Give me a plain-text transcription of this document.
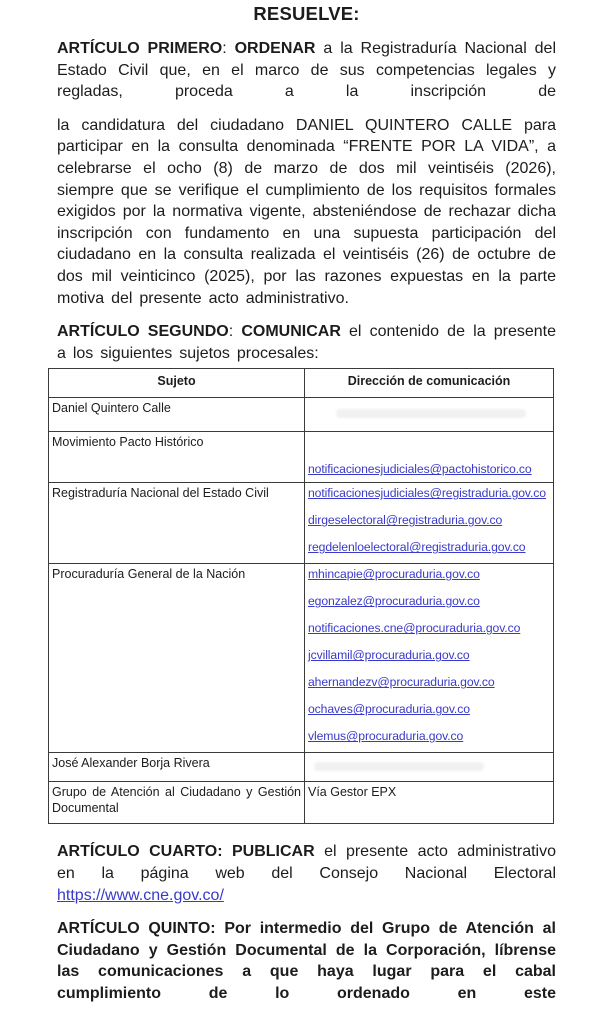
RESUELVE:

ARTÍCULO PRIMERO: ORDENAR a la Registraduría Nacional del Estado Civil que, en el marco de sus competencias legales y regladas, proceda a la inscripción de

la candidatura del ciudadano DANIEL QUINTERO CALLE para participar en la consulta denominada “FRENTE POR LA VIDA”, a celebrarse el ocho (8) de marzo de dos mil veintiséis (2026), siempre que se verifique el cumplimiento de los requisitos formales exigidos por la normativa vigente, absteniéndose de rechazar dicha inscripción con fundamento en una supuesta participación del ciudadano en la consulta realizada el veintiséis (26) de octubre de dos mil veinticinco (2025), por las razones expuestas en la parte motiva del presente acto administrativo.

ARTÍCULO SEGUNDO: COMUNICAR el contenido de la presente a los siguientes sujetos procesales:

Sujeto	Dirección de comunicación
Daniel Quintero Calle	

Movimiento Pacto Histórico	notificacionesjudiciales@pactohistorico.co

Registraduría Nacional del Estado Civil	notificacionesjudiciales@registraduria.gov.co
dirgeselectoral@registraduria.gov.co
regdelenloelectoral@registraduria.gov.co

Procuraduría General de la Nación	mhincapie@procuraduria.gov.co
egonzalez@procuraduria.gov.co
notificaciones.cne@procuraduria.gov.co
jcvillamil@procuraduria.gov.co
ahernandezv@procuraduria.gov.co
ochaves@procuraduria.gov.co
vlemus@procuraduria.gov.co

José Alexander Borja Rivera	

Grupo de Atención al Ciudadano y Gestión Documental	Vía Gestor EPX

ARTÍCULO CUARTO: PUBLICAR el presente acto administrativo en la página web del Consejo Nacional Electoral https://www.cne.gov.co/

ARTÍCULO QUINTO: Por intermedio del Grupo de Atención al Ciudadano y Gestión Documental de la Corporación, líbrense las comunicaciones a que haya lugar para el cabal cumplimiento de lo ordenado en este
